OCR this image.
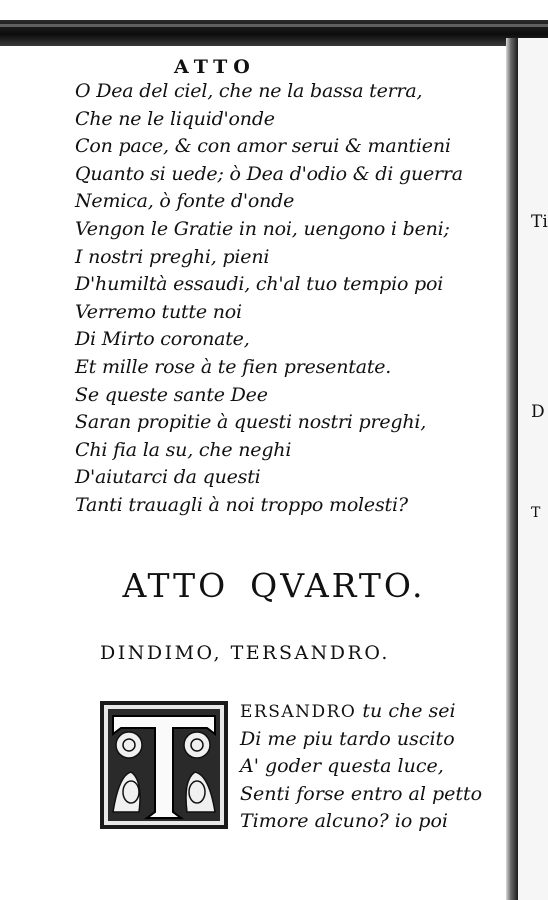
Ti
D
T
ATTO
O Dea del ciel, che ne la bassa terra,
Che ne le liquid'onde
Con pace, & con amor serui & mantieni
Quanto si uede; ò Dea d'odio & di guerra
Nemica, ò fonte d'onde
Vengon le Gratie in noi, uengono i beni;
I nostri preghi, pieni
D'humiltà essaudi, ch'al tuo tempio poi
Verremo tutte noi
Di Mirto coronate,
Et mille rose à te fien presentate.
Se queste sante Dee
Saran propitie à questi nostri preghi,
Chi fia la su, che neghi
D'aiutarci da questi
Tanti trauagli à noi troppo molesti?
ATTO QVARTO.
DINDIMO, TERSANDRO.
ERSANDRO tu che sei
Di me piu tardo uscito
A' goder questa luce,
Senti forse entro al petto
Timore alcuno? io poi
